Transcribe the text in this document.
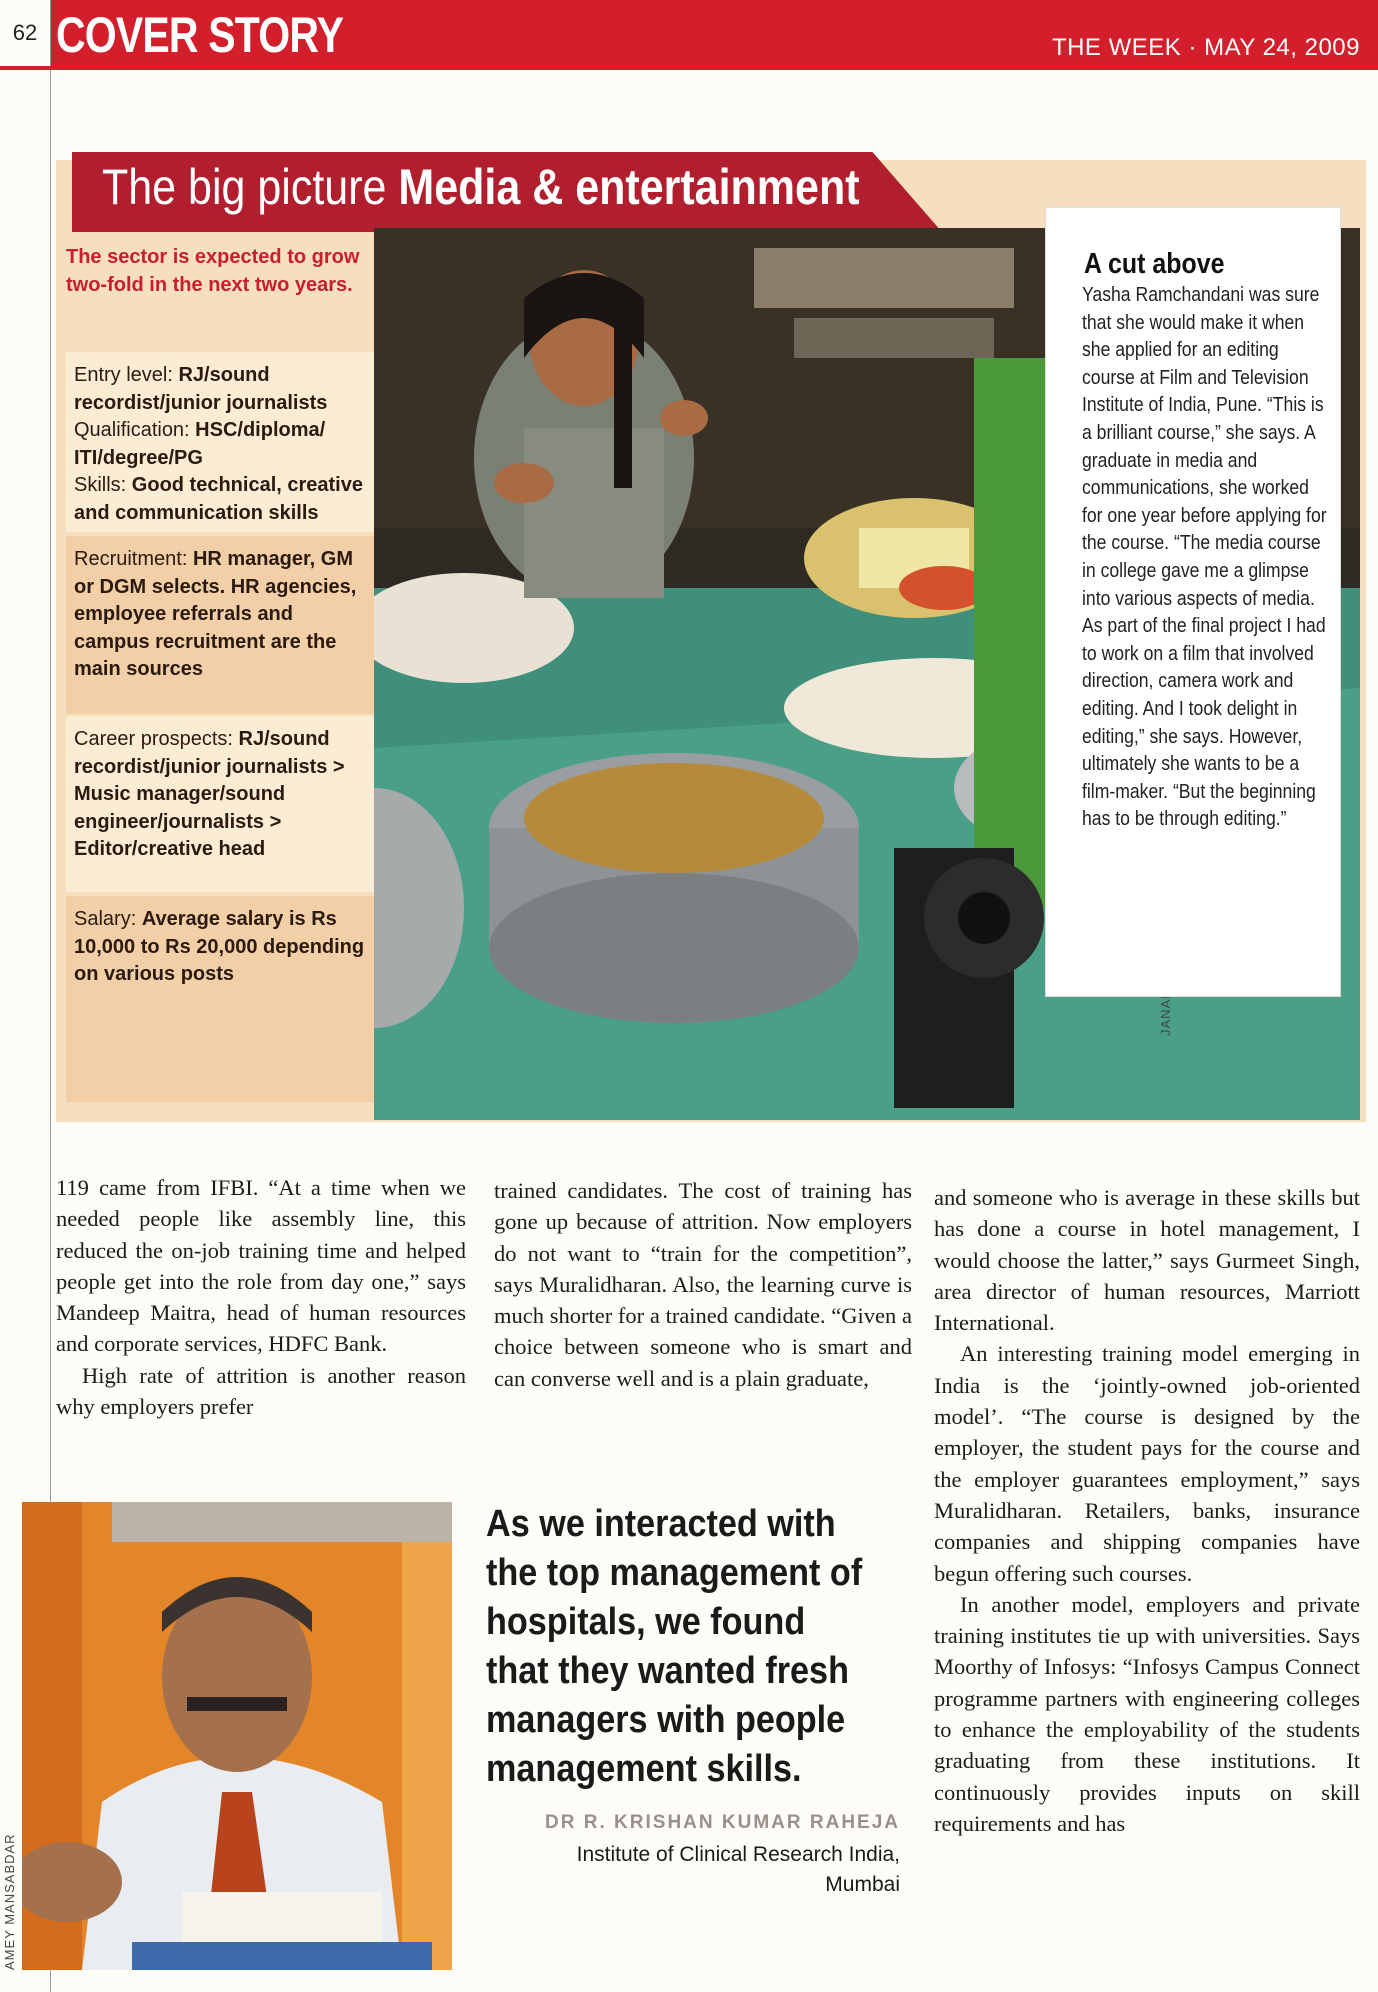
62 COVER STORY	THE WEEK · MAY 24, 2009
The big picture Media & entertainment
The sector is expected to grow two-fold in the next two years.
Entry level: RJ/sound recordist/junior journalists
Qualification: HSC/diploma/ ITI/degree/PG
Skills: Good technical, creative and communication skills
Recruitment: HR manager, GM or DGM selects. HR agencies, employee referrals and campus recruitment are the main sources
Career prospects: RJ/sound recordist/junior journalists > Music manager/sound engineer/journalists > Editor/creative head
Salary: Average salary is Rs 10,000 to Rs 20,000 depending on various posts
A cut above
Yasha Ramchandani was sure that she would make it when she applied for an editing course at Film and Television Institute of India, Pune. “This is a brilliant course,” she says. A graduate in media and communications, she worked for one year before applying for the course. “The media course in college gave me a glimpse into various aspects of media. As part of the final project I had to work on a film that involved direction, camera work and editing. And I took delight in editing,” she says. However, ultimately she wants to be a film-maker. “But the beginning has to be through editing.”

119 came from IFBI. “At a time when we needed people like assembly line, this reduced the on-job training time and helped people get into the role from day one,” says Mandeep Maitra, head of human resources and corporate services, HDFC Bank.

High rate of attrition is another reason why employers prefer

trained candidates. The cost of training has gone up because of attrition. Now employers do not want to “train for the competition”, says Muralidharan. Also, the learning curve is much shorter for a trained candidate. “Given a choice between someone who is smart and can converse well and is a plain graduate,

and someone who is average in these skills but has done a course in hotel management, I would choose the latter,” says Gurmeet Singh, area director of human resources, Marriott International.

An interesting training model emerging in India is the ‘jointly-owned job-oriented model’. “The course is designed by the employer, the student pays for the course and the employer guarantees employment,” says Muralidharan. Retailers, banks, insurance companies and shipping companies have begun offering such courses.

In another model, employers and private training institutes tie up with universities. Says Moorthy of Infosys: “Infosys Campus Connect programme partners with engineering colleges to enhance the employability of the students graduating from these institutions. It continuously provides inputs on skill requirements and has

AMEY MANSABDAR
As we interacted with the top management of hospitals, we found that they wanted fresh managers with people management skills.
DR R. KRISHAN KUMAR RAHEJA
Institute of Clinical Research India,
Mumbai
